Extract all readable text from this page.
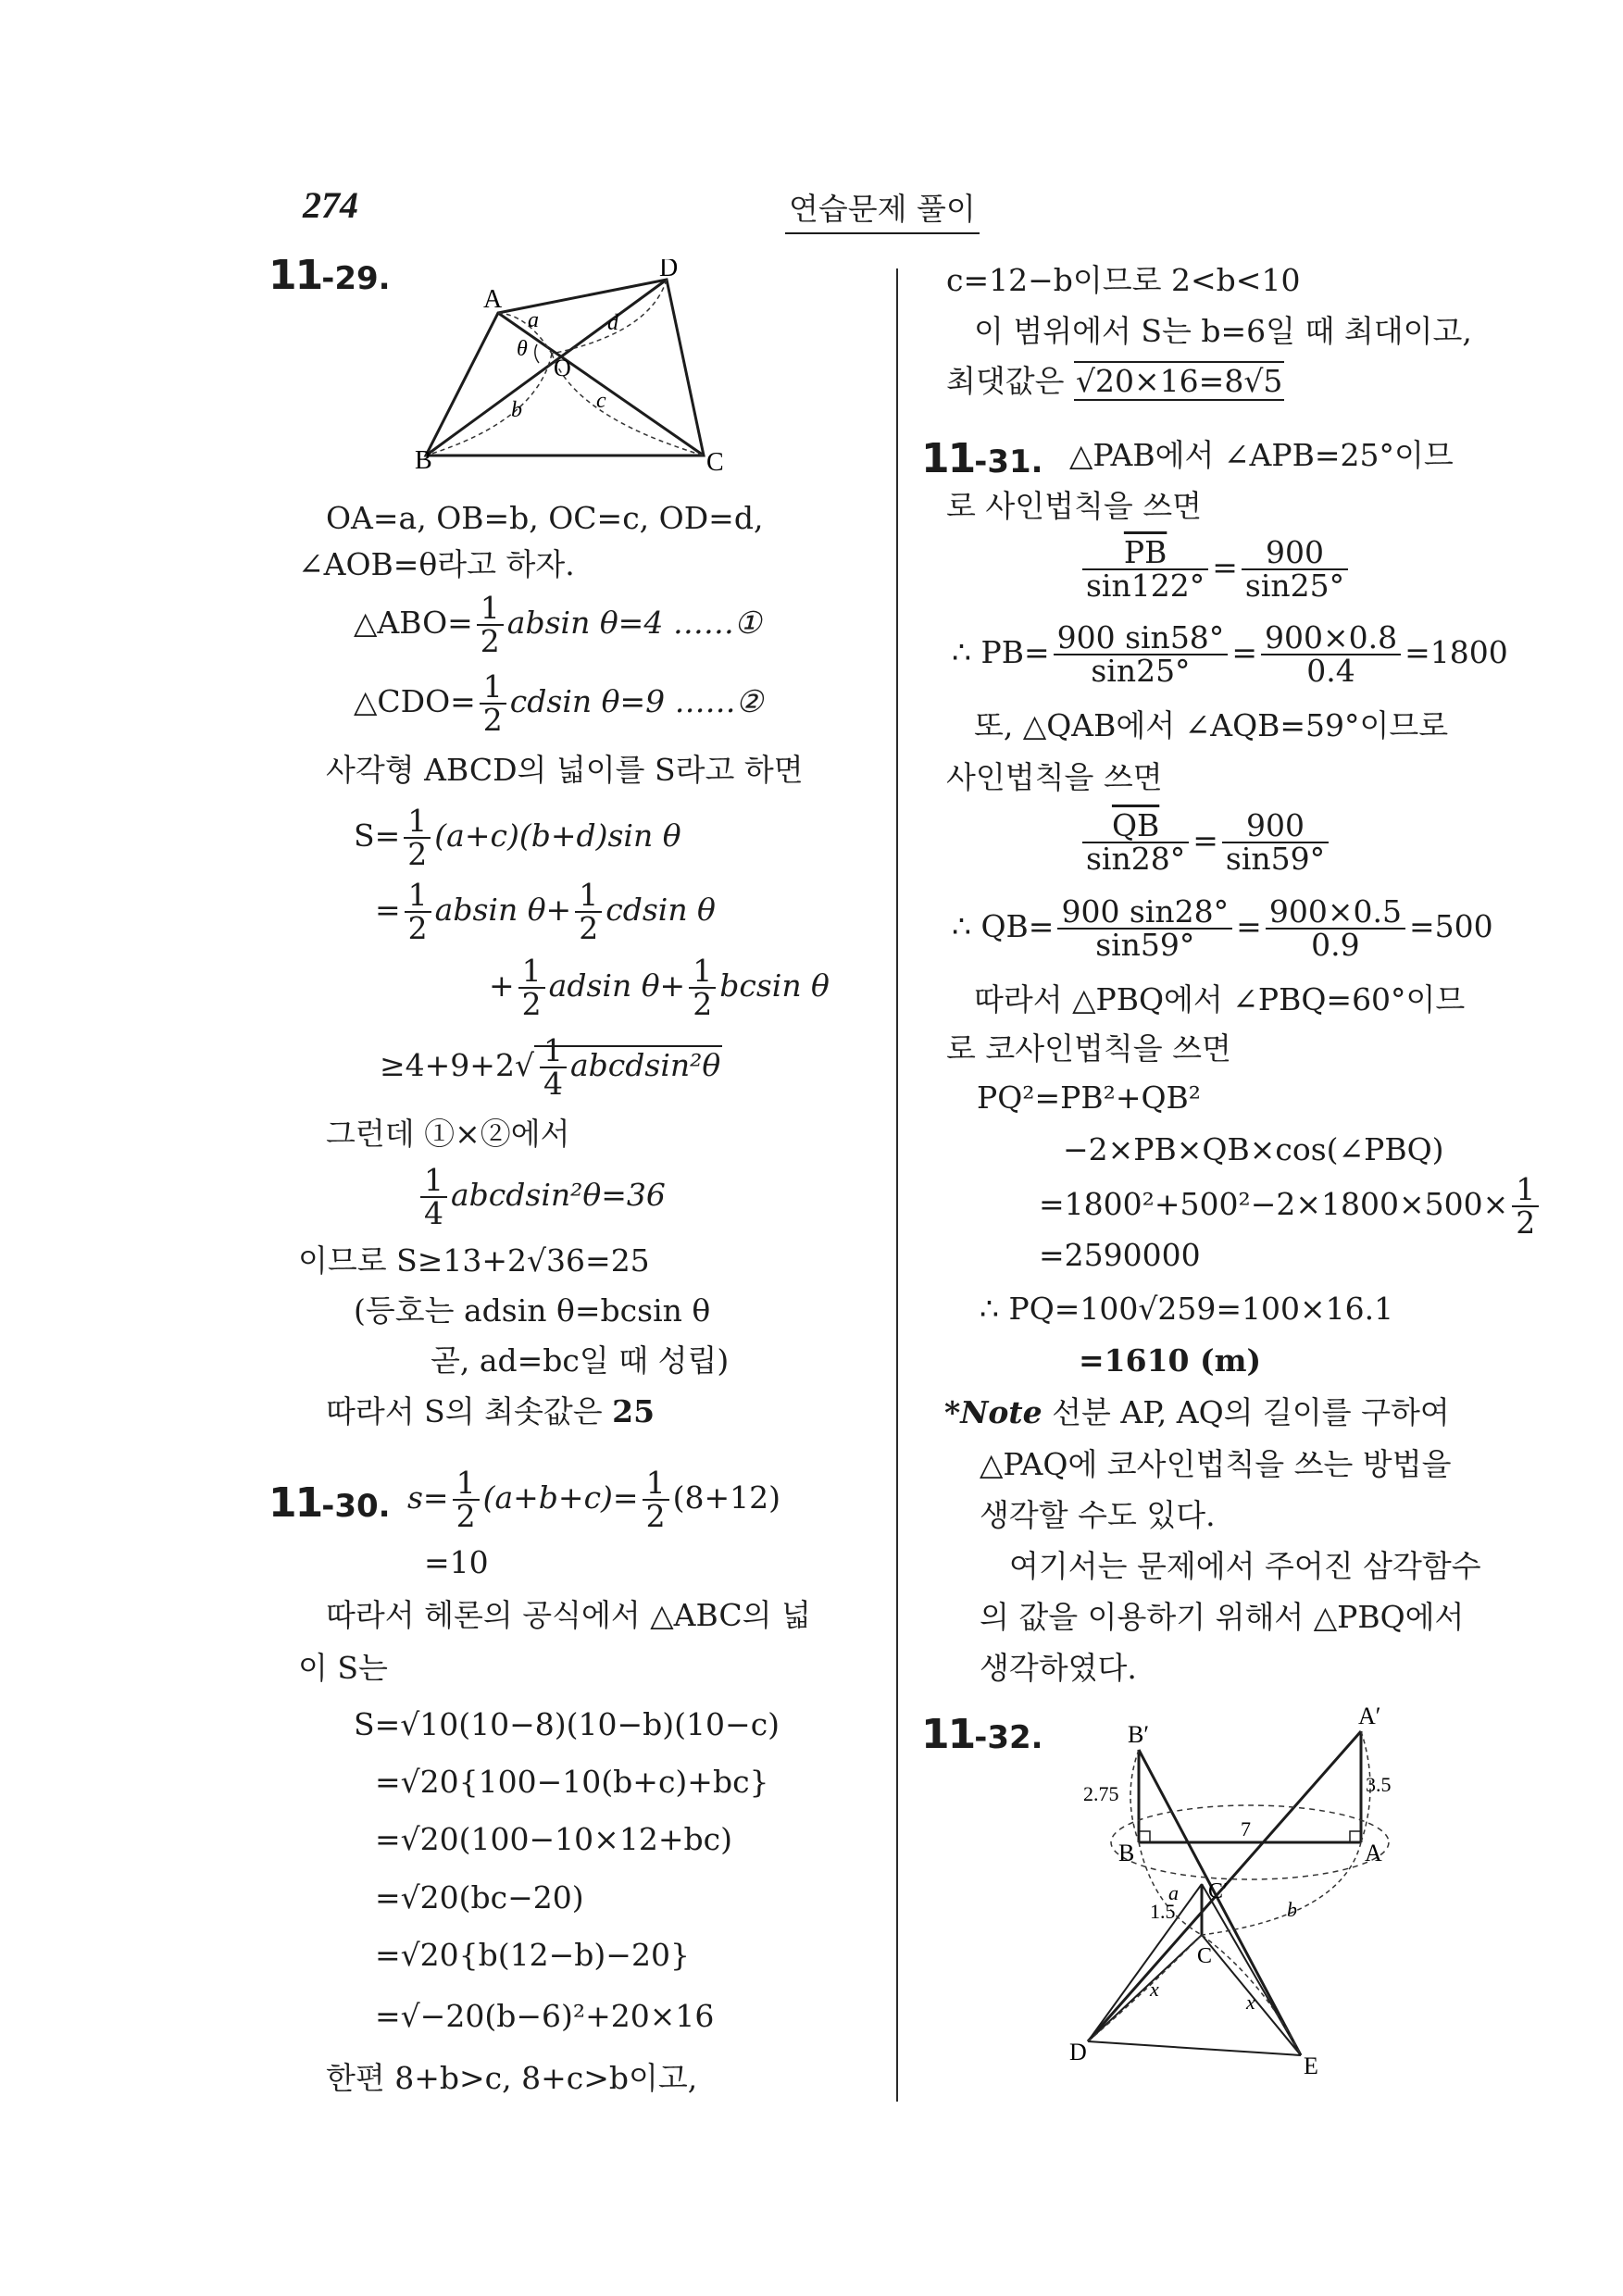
274	연습문제 풀이
11-29.
A
B	C
D
O
a
θ
d
b	c
OA=a, OB=b, OC=c, OD=d,
∠AOB=θ라고 하자.
△ABO= $\frac{1}{2}$ absin θ=4 ……①
△CDO= $\frac{1}{2}$ cdsin θ=9 ……②
사각형 ABCD의 넓이를 S라고 하면
$S= \frac{1}{2} (a+c)(b+d)\sin$ θ
= $\frac{1}{2}$ absin $\theta+ \frac{1}{2}$ cdsin θ
+ $\frac{1}{2}$ adsin $\theta+ \frac{1}{2}$ bcsin θ
$\ge 4+9+2√ \frac{1}{4}$ abcdsin²θ
그런데 ①×②에서
$\frac{1}{4}$ abcdsin²θ=36
이므로 S≥13+2√36=25
(등호는 adsin θ=bcsin θ
곧, ad=bc일 때 성립)
따라서 S의 최솟값은 25
11-30. $s= \frac{1}{2} (a+b+c)= \frac{1}{2} (8+12)$
=10
따라서 헤론의 공식에서 △ABC의 넓
이 S는
S=√10(10−8)(10−b)(10−c)
=√20{100−10(b+c)+bc}
=√20(100−10×12+bc)
=√20(bc−20)
=√20{b(12−b)−20}
=√−20(b−6)²+20×16
한편 8+b>c, 8+c>b이고,
c=12−b이므로 2<b<10
이 범위에서 S는 b=6일 때 최대이고,
최댓값은 √20×16=8√5
11-31. △PAB에서 ∠APB=25°이므
로 사인법칙을 쓰면
$\frac{\overline{PB}}{\sin 122^\circ} = \frac{900}{\sin 25^\circ}$
∴ $PB= \frac{900 \sin 58^\circ}{\sin 25^\circ} = \frac{900\times 0.8}{0.4} =1800$
또, △QAB에서 ∠AQB=59°이므로
사인법칙을 쓰면
$\frac{\overline{QB}}{\sin 28^\circ} = \frac{900}{\sin 59^\circ}$
∴ $QB= \frac{900 \sin 28^\circ}{\sin 59^\circ} = \frac{900\times 0.5}{0.9} =500$
따라서 △PBQ에서 ∠PBQ=60°이므
로 코사인법칙을 쓰면
PQ²=PB²+QB²
−2×PB×QB×cos(∠PBQ)
$=1800^2+500^2-2\times 1800\times 500\times \frac{1}{2}$
=2590000
∴ PQ=100√259=100×16.1
=1610 (m)
*Note 선분 AP, AQ의 길이를 구하여
△PAQ에 코사인법칙을 쓰는 방법을
생각할 수도 있다.
여기서는 문제에서 주어진 삼각함수
의 값을 이용하기 위해서 △PBQ에서
생각하였다.
11-32.
A′
B′
A
B
C′
C
D
E
2.75	3.5
7
1.5
a
b
x
x
